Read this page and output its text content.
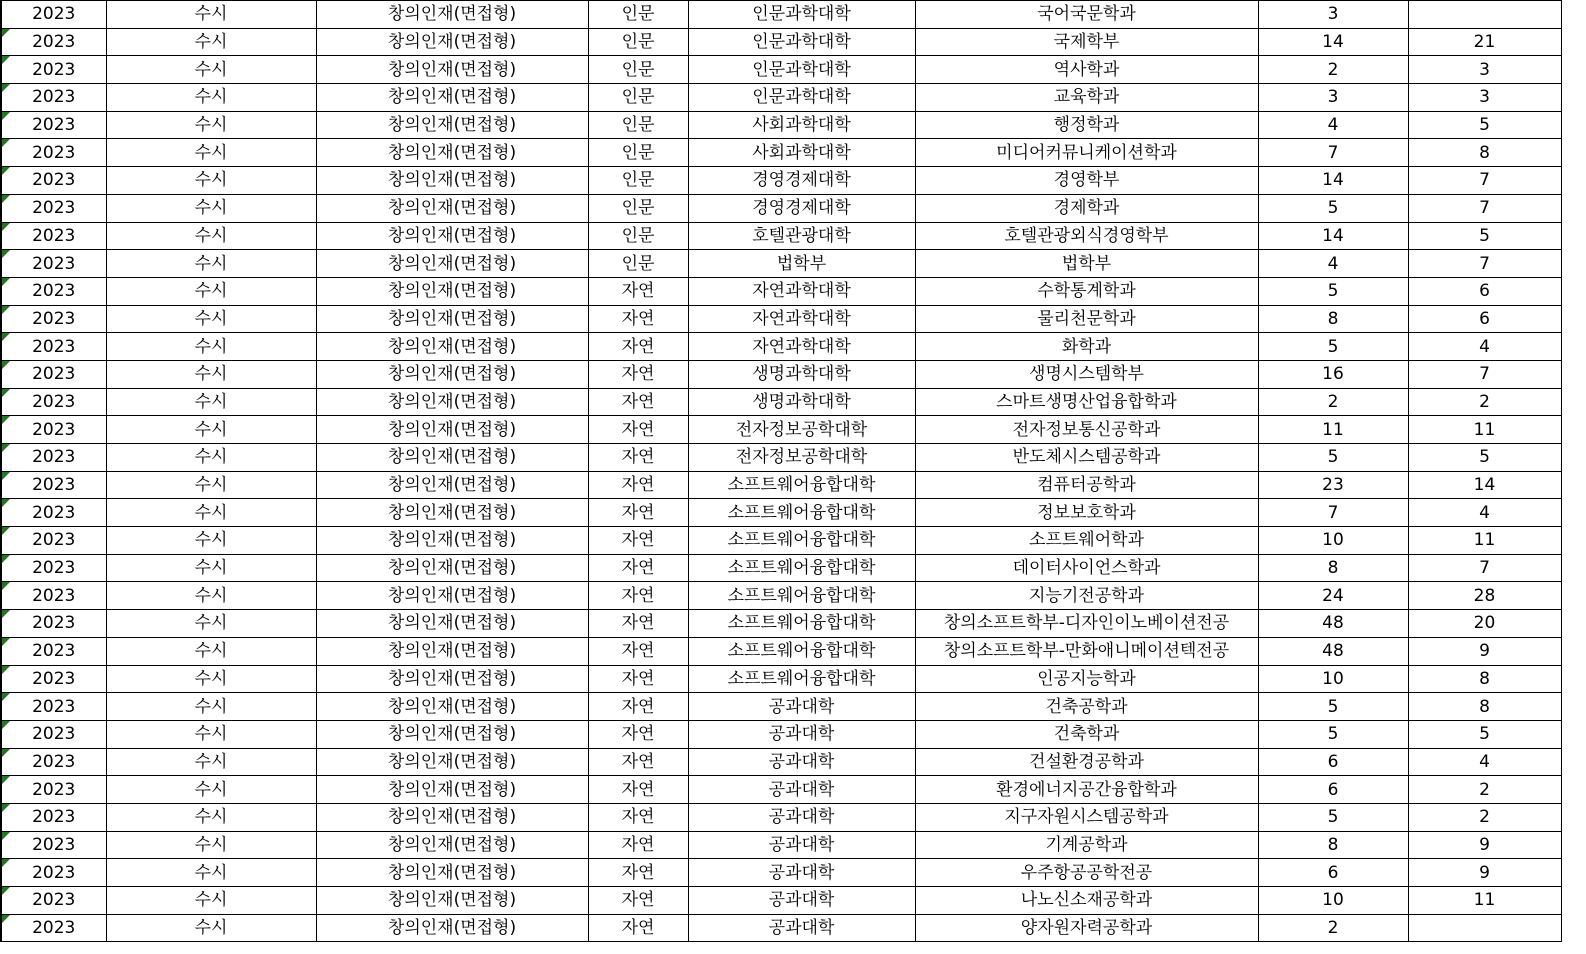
2023	수시	창의인재(면접형)	인문	인문과학대학	국어국문학과	3	

2023	수시	창의인재(면접형)	인문	인문과학대학	국제학부	14	21

2023	수시	창의인재(면접형)	인문	인문과학대학	역사학과	2	3

2023	수시	창의인재(면접형)	인문	인문과학대학	교육학과	3	3

2023	수시	창의인재(면접형)	인문	사회과학대학	행정학과	4	5

2023	수시	창의인재(면접형)	인문	사회과학대학	미디어커뮤니케이션학과	7	8

2023	수시	창의인재(면접형)	인문	경영경제대학	경영학부	14	7

2023	수시	창의인재(면접형)	인문	경영경제대학	경제학과	5	7

2023	수시	창의인재(면접형)	인문	호텔관광대학	호텔관광외식경영학부	14	5

2023	수시	창의인재(면접형)	인문	법학부	법학부	4	7

2023	수시	창의인재(면접형)	자연	자연과학대학	수학통계학과	5	6

2023	수시	창의인재(면접형)	자연	자연과학대학	물리천문학과	8	6

2023	수시	창의인재(면접형)	자연	자연과학대학	화학과	5	4

2023	수시	창의인재(면접형)	자연	생명과학대학	생명시스템학부	16	7

2023	수시	창의인재(면접형)	자연	생명과학대학	스마트생명산업융합학과	2	2

2023	수시	창의인재(면접형)	자연	전자정보공학대학	전자정보통신공학과	11	11

2023	수시	창의인재(면접형)	자연	전자정보공학대학	반도체시스템공학과	5	5

2023	수시	창의인재(면접형)	자연	소프트웨어융합대학	컴퓨터공학과	23	14

2023	수시	창의인재(면접형)	자연	소프트웨어융합대학	정보보호학과	7	4

2023	수시	창의인재(면접형)	자연	소프트웨어융합대학	소프트웨어학과	10	11

2023	수시	창의인재(면접형)	자연	소프트웨어융합대학	데이터사이언스학과	8	7

2023	수시	창의인재(면접형)	자연	소프트웨어융합대학	지능기전공학과	24	28

2023	수시	창의인재(면접형)	자연	소프트웨어융합대학	창의소프트학부-디자인이노베이션전공	48	20

2023	수시	창의인재(면접형)	자연	소프트웨어융합대학	창의소프트학부-만화애니메이션텍전공	48	9

2023	수시	창의인재(면접형)	자연	소프트웨어융합대학	인공지능학과	10	8

2023	수시	창의인재(면접형)	자연	공과대학	건축공학과	5	8

2023	수시	창의인재(면접형)	자연	공과대학	건축학과	5	5

2023	수시	창의인재(면접형)	자연	공과대학	건설환경공학과	6	4

2023	수시	창의인재(면접형)	자연	공과대학	환경에너지공간융합학과	6	2

2023	수시	창의인재(면접형)	자연	공과대학	지구자원시스템공학과	5	2

2023	수시	창의인재(면접형)	자연	공과대학	기계공학과	8	9

2023	수시	창의인재(면접형)	자연	공과대학	우주항공공학전공	6	9

2023	수시	창의인재(면접형)	자연	공과대학	나노신소재공학과	10	11

2023	수시	창의인재(면접형)	자연	공과대학	양자원자력공학과	2	
